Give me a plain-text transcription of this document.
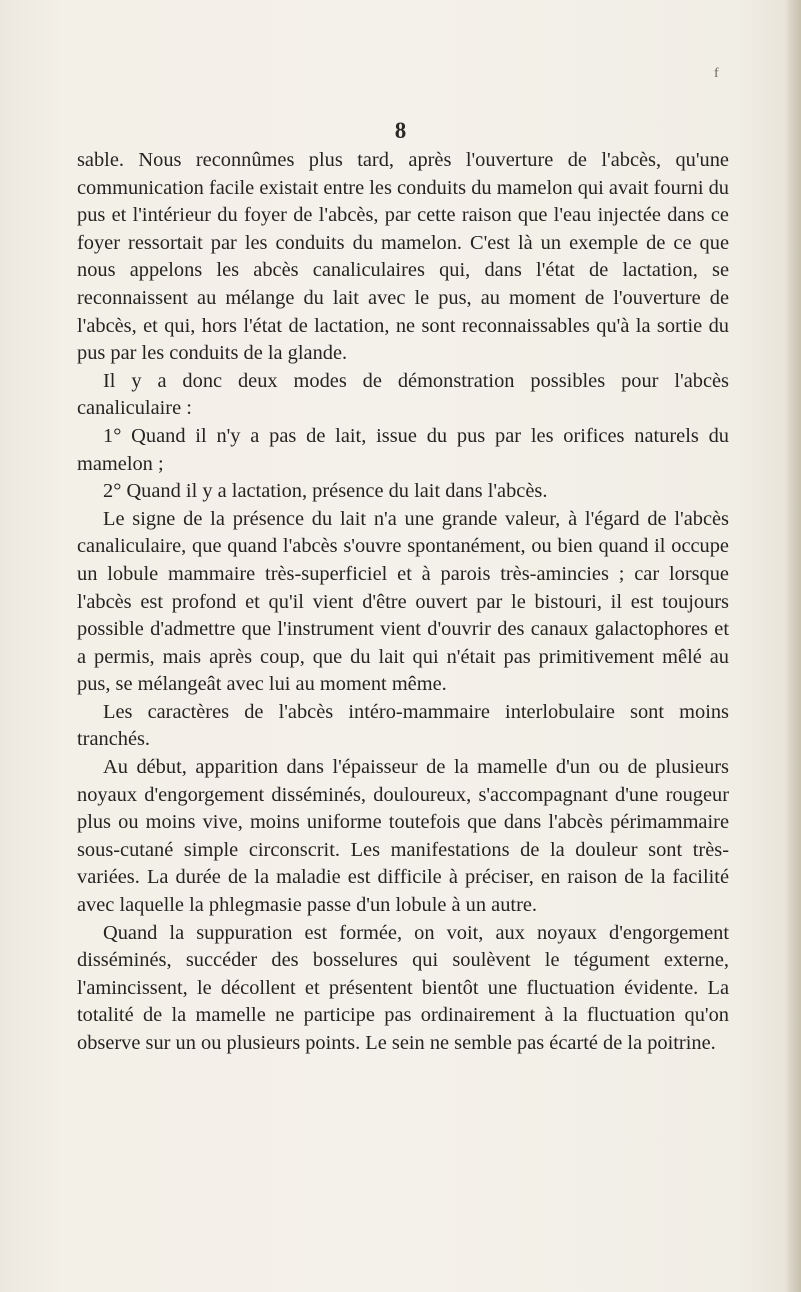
f
8

sable. Nous reconnûmes plus tard, après l'ouverture de l'abcès, qu'une communication facile existait entre les conduits du mamelon qui avait fourni du pus et l'intérieur du foyer de l'abcès, par cette raison que l'eau injectée dans ce foyer ressortait par les conduits du mamelon. C'est là un exemple de ce que nous appelons les abcès canaliculaires qui, dans l'état de lactation, se reconnaissent au mélange du lait avec le pus, au moment de l'ouverture de l'abcès, et qui, hors l'état de lactation, ne sont reconnaissables qu'à la sortie du pus par les conduits de la glande.

Il y a donc deux modes de démonstration possibles pour l'abcès canaliculaire :

1° Quand il n'y a pas de lait, issue du pus par les orifices naturels du mamelon ;

2° Quand il y a lactation, présence du lait dans l'abcès.

Le signe de la présence du lait n'a une grande valeur, à l'égard de l'abcès canaliculaire, que quand l'abcès s'ouvre spontanément, ou bien quand il occupe un lobule mammaire très-superficiel et à parois très-amincies ; car lorsque l'abcès est profond et qu'il vient d'être ouvert par le bistouri, il est toujours possible d'admettre que l'instrument vient d'ouvrir des canaux galactophores et a permis, mais après coup, que du lait qui n'était pas primitivement mêlé au pus, se mélangeât avec lui au moment même.

Les caractères de l'abcès intéro-mammaire interlobulaire sont moins tranchés.

Au début, apparition dans l'épaisseur de la mamelle d'un ou de plusieurs noyaux d'engorgement disséminés, douloureux, s'accompagnant d'une rougeur plus ou moins vive, moins uniforme toutefois que dans l'abcès périmammaire sous-cutané simple circonscrit. Les manifestations de la douleur sont très-variées. La durée de la maladie est difficile à préciser, en raison de la facilité avec laquelle la phlegmasie passe d'un lobule à un autre.

Quand la suppuration est formée, on voit, aux noyaux d'engorgement disséminés, succéder des bosselures qui soulèvent le tégument externe, l'amincissent, le décollent et présentent bientôt une fluctuation évidente. La totalité de la mamelle ne participe pas ordinairement à la fluctuation qu'on observe sur un ou plusieurs points. Le sein ne semble pas écarté de la poitrine.
